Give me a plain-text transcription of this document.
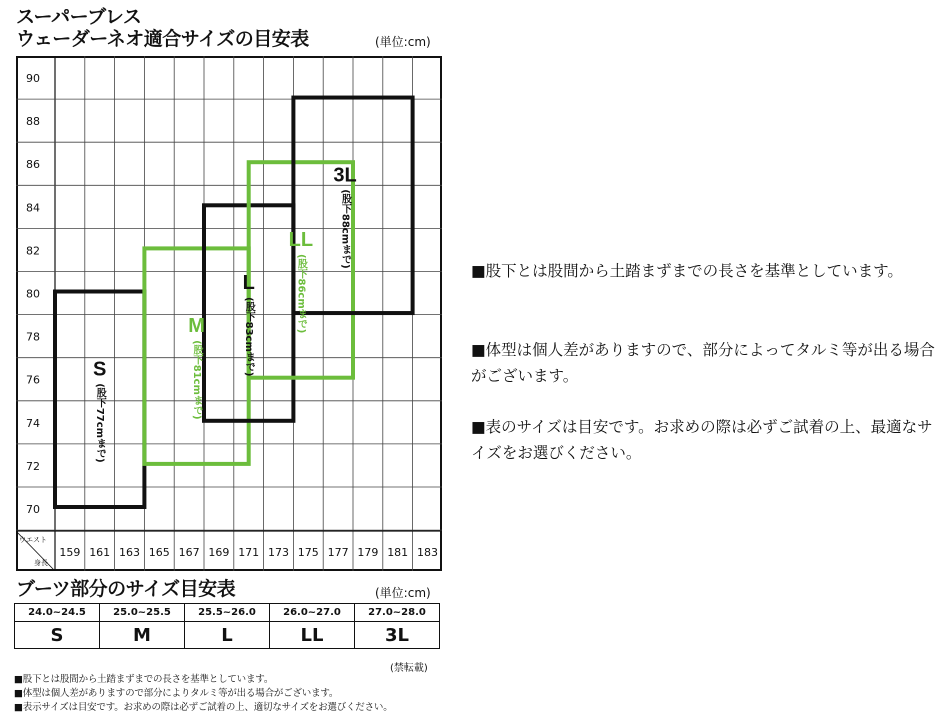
スーパーブレス
ウェーダーネオ適合サイズの目安表	(単位:cm)
90
88
86
84
82
80
78
76
74
72
70
159 161 163 165 167 169 171 173 175 177 179 181 183
ウエスト
身長
S
(股下77cmまで)
M
(股下81cmまで)
L
(股下83cmまで)
LL
(股下86cmまで)
3L
(股下88cmまで)
ブーツ部分のサイズ目安表	(単位:cm)
24.0~24.5	25.0~25.5	25.5~26.0	26.0~27.0	27.0~28.0
S	M	L	LL	3L
(禁転載)
■股下とは股間から土踏まずまでの長さを基準としています。
■体型は個人差がありますので部分によりタルミ等が出る場合がございます。
■表示サイズは目安です。お求めの際は必ずご試着の上、適切なサイズをお選びください。
■股下とは股間から土踏まずまでの長さを基準としています。
■体型は個人差がありますので、部分によってタルミ等が出る場合がございます。
■表のサイズは目安です。お求めの際は必ずご試着の上、最適なサイズをお選びください。
